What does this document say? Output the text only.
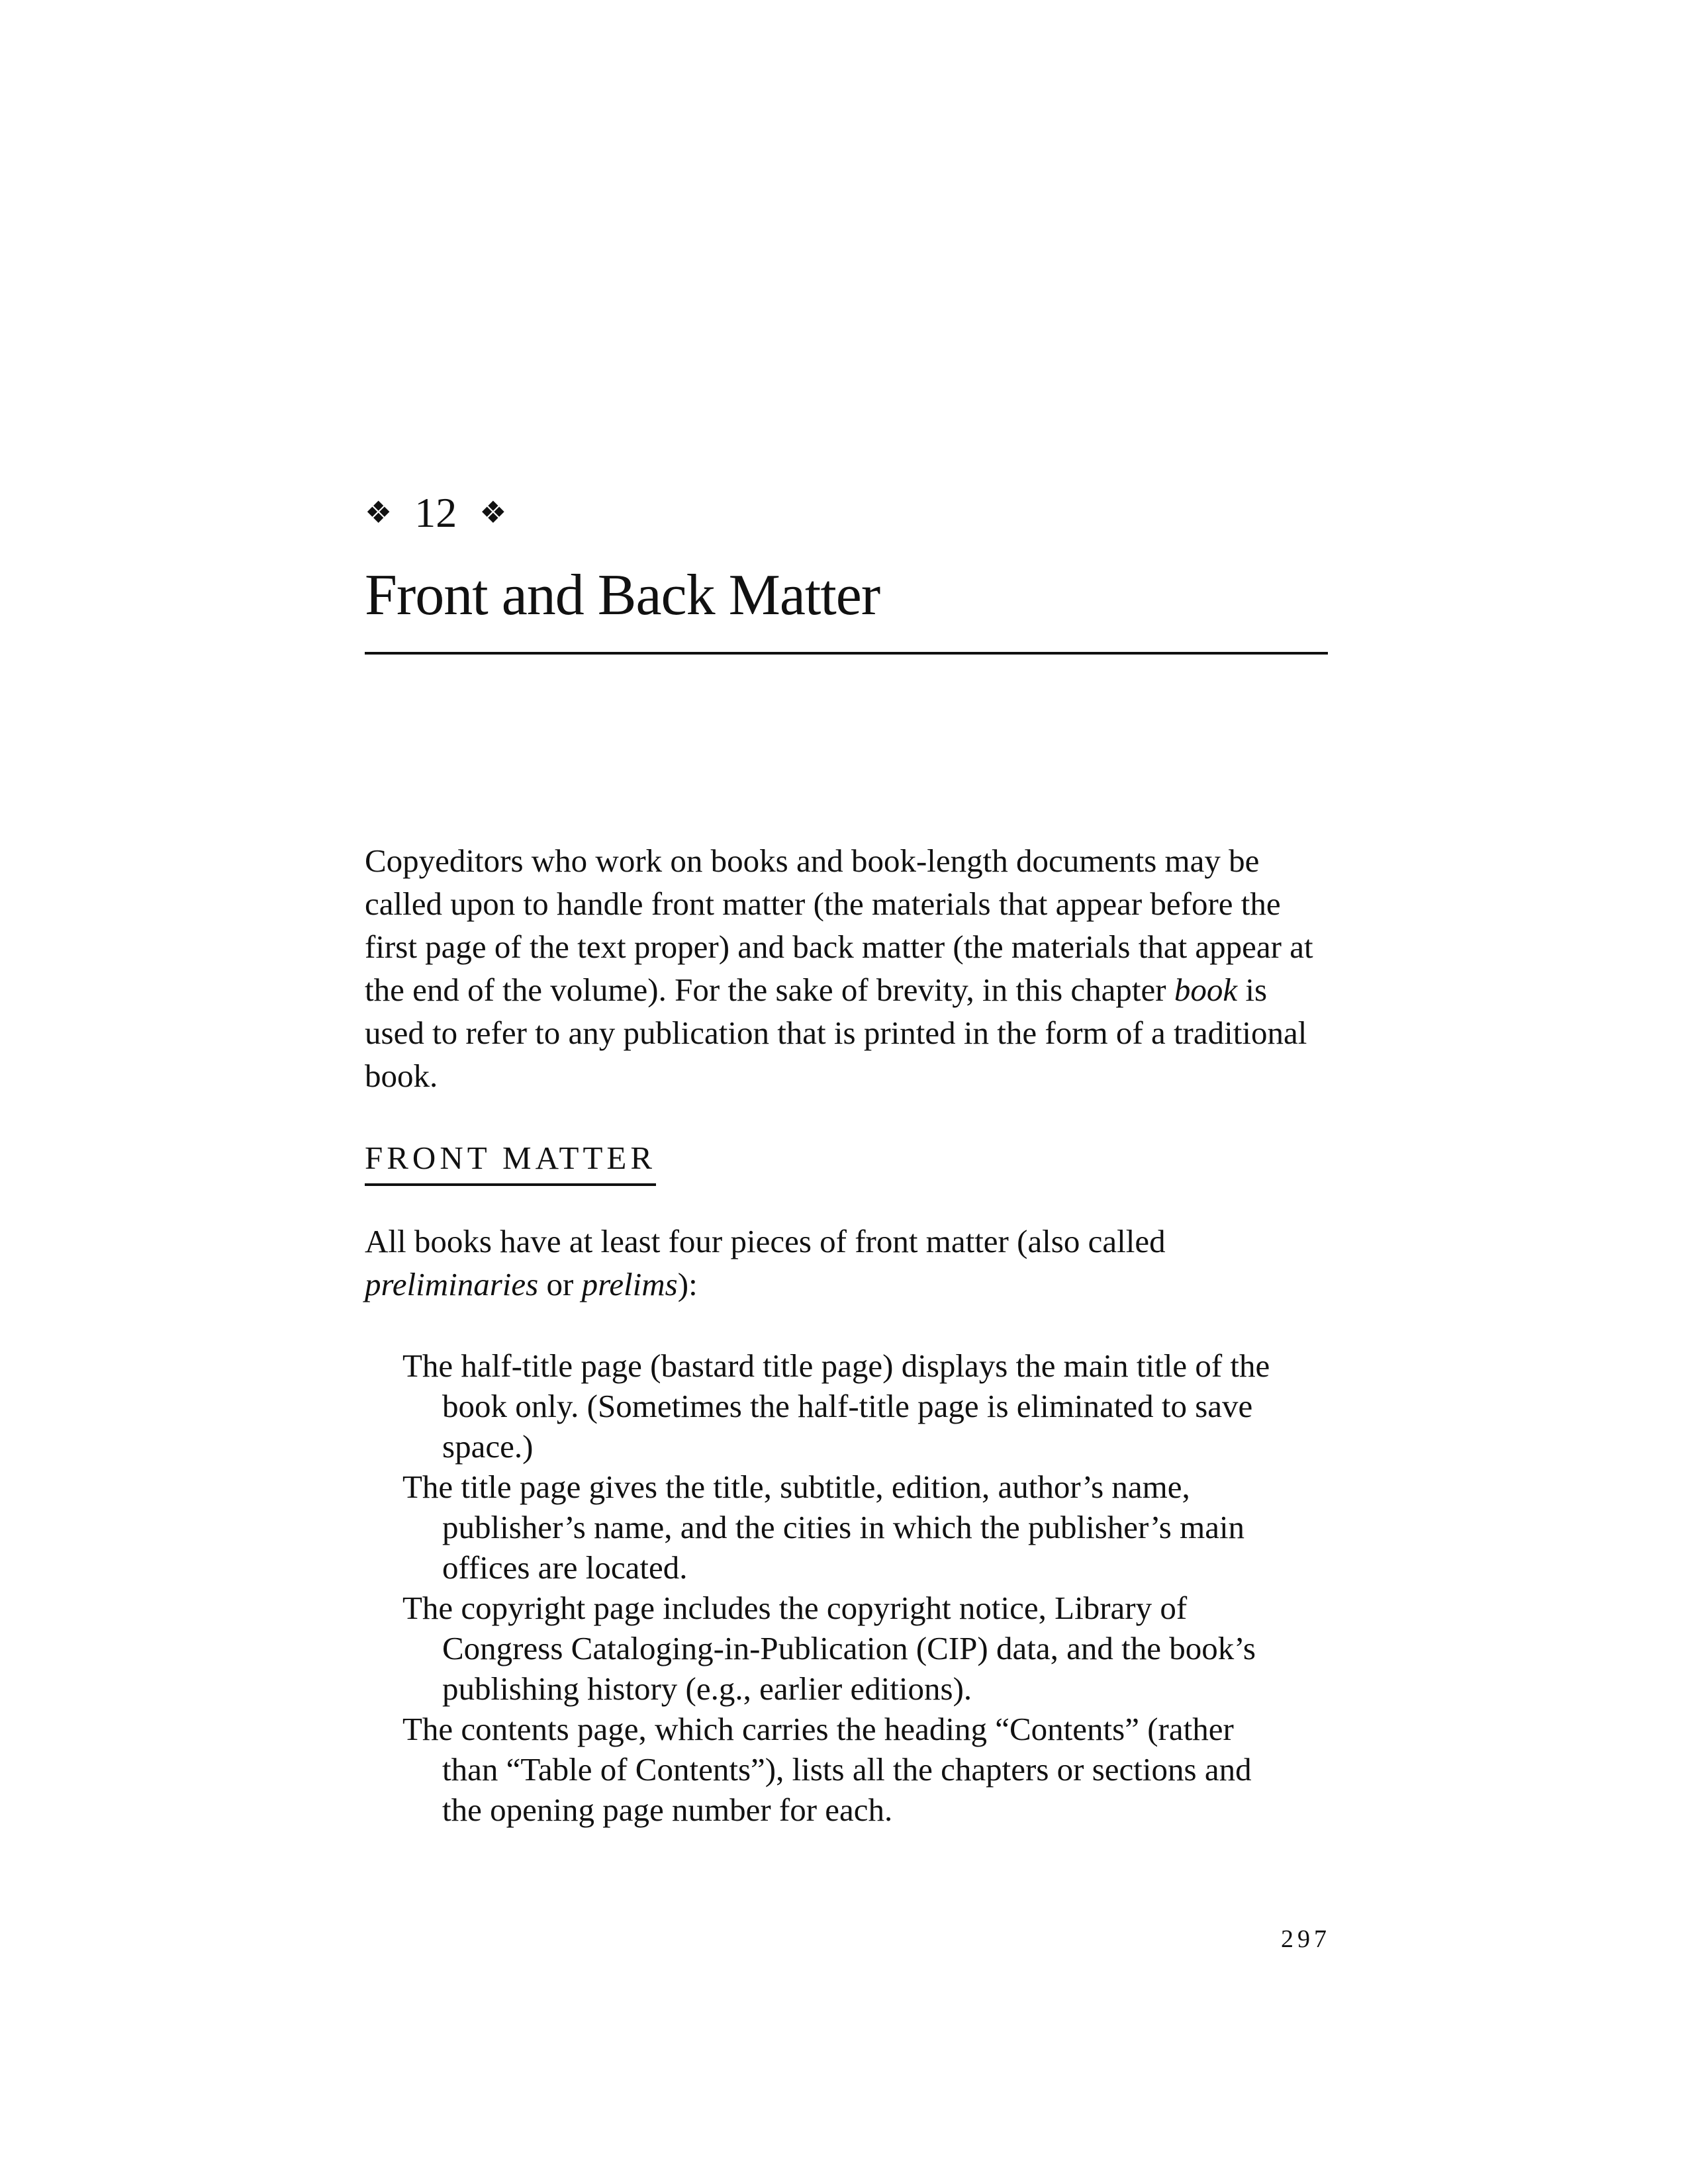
❖ 12 ❖
Front and Back Matter

Copyeditors who work on books and book-length documents may be called upon to handle front matter (the materials that appear before the first page of the text proper) and back matter (the materials that appear at the end of the volume). For the sake of brevity, in this chapter book is used to refer to any publication that is printed in the form of a traditional book.

FRONT MATTER

All books have at least four pieces of front matter (also called preliminaries or prelims):

The half-title page (bastard title page) displays the main title of the book only. (Sometimes the half-title page is eliminated to save space.)
The title page gives the title, subtitle, edition, author’s name, publisher’s name, and the cities in which the publisher’s main offices are located.
The copyright page includes the copyright notice, Library of Congress Cataloging-in-Publication (CIP) data, and the book’s publishing history (e.g., earlier editions).
The contents page, which carries the heading “Contents” (rather than “Table of Contents”), lists all the chapters or sections and the opening page number for each.
297
